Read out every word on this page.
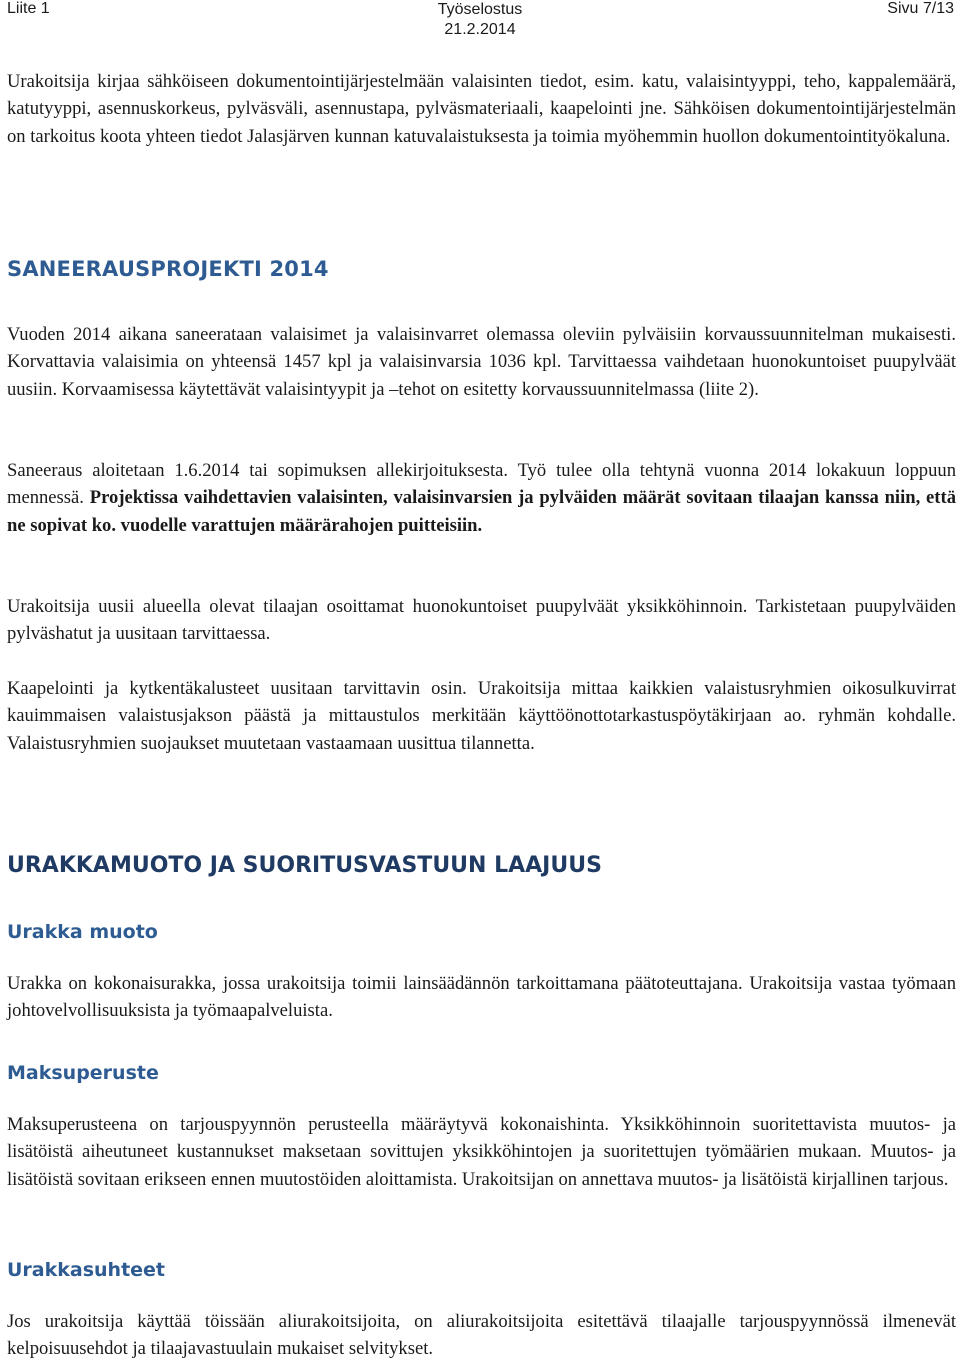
Liite 1	Työselostus
21.2.2014
Sivu 7/13

Urakoitsija kirjaa sähköiseen dokumentointijärjestelmään valaisinten tiedot, esim. katu, valaisintyyppi, teho, kappalemäärä, katutyyppi, asennuskorkeus, pylväsväli, asennustapa, pylväsmateriaali, kaapelointi jne. Sähköisen dokumentointijärjestelmän on tarkoitus koota yhteen tiedot Jalasjärven kunnan katuvalaistuksesta ja toimia myöhemmin huollon dokumentointityökaluna.

SANEERAUSPROJEKTI 2014

Vuoden 2014 aikana saneerataan valaisimet ja valaisinvarret olemassa oleviin pylväisiin korvaussuunnitelman mukaisesti. Korvattavia valaisimia on yhteensä 1457 kpl ja valaisinvarsia 1036 kpl. Tarvittaessa vaihdetaan huonokuntoiset puupylväät uusiin. Korvaamisessa käytettävät valaisintyypit ja –tehot on esitetty korvaussuunnitelmassa (liite 2).

Saneeraus aloitetaan 1.6.2014 tai sopimuksen allekirjoituksesta. Työ tulee olla tehtynä vuonna 2014 lokakuun loppuun mennessä. Projektissa vaihdettavien valaisinten, valaisinvarsien ja pylväiden määrät sovitaan tilaajan kanssa niin, että ne sopivat ko. vuodelle varattujen määrärahojen puitteisiin.

Urakoitsija uusii alueella olevat tilaajan osoittamat huonokuntoiset puupylväät yksikköhinnoin. Tarkistetaan puupylväiden pylväshatut ja uusitaan tarvittaessa.

Kaapelointi ja kytkentäkalusteet uusitaan tarvittavin osin. Urakoitsija mittaa kaikkien valaistusryhmien oikosulkuvirrat kauimmaisen valaistusjakson päästä ja mittaustulos merkitään käyttöönottotarkastuspöytäkirjaan ao. ryhmän kohdalle. Valaistusryhmien suojaukset muutetaan vastaamaan uusittua tilannetta.

URAKKAMUOTO JA SUORITUSVASTUUN LAAJUUS
Urakka muoto

Urakka on kokonaisurakka, jossa urakoitsija toimii lainsäädännön tarkoittamana päätoteuttajana. Urakoitsija vastaa työmaan johtovelvollisuuksista ja työmaapalveluista.

Maksuperuste

Maksuperusteena on tarjouspyynnön perusteella määräytyvä kokonaishinta. Yksikköhinnoin suoritettavista muutos- ja lisätöistä aiheutuneet kustannukset maksetaan sovittujen yksikköhintojen ja suoritettujen työmäärien mukaan. Muutos- ja lisätöistä sovitaan erikseen ennen muutostöiden aloittamista. Urakoitsijan on annettava muutos- ja lisätöistä kirjallinen tarjous.

Urakkasuhteet

Jos urakoitsija käyttää töissään aliurakoitsijoita, on aliurakoitsijoita esitettävä tilaajalle tarjouspyynnössä ilmenevät kelpoisuusehdot ja tilaajavastuulain mukaiset selvitykset.
